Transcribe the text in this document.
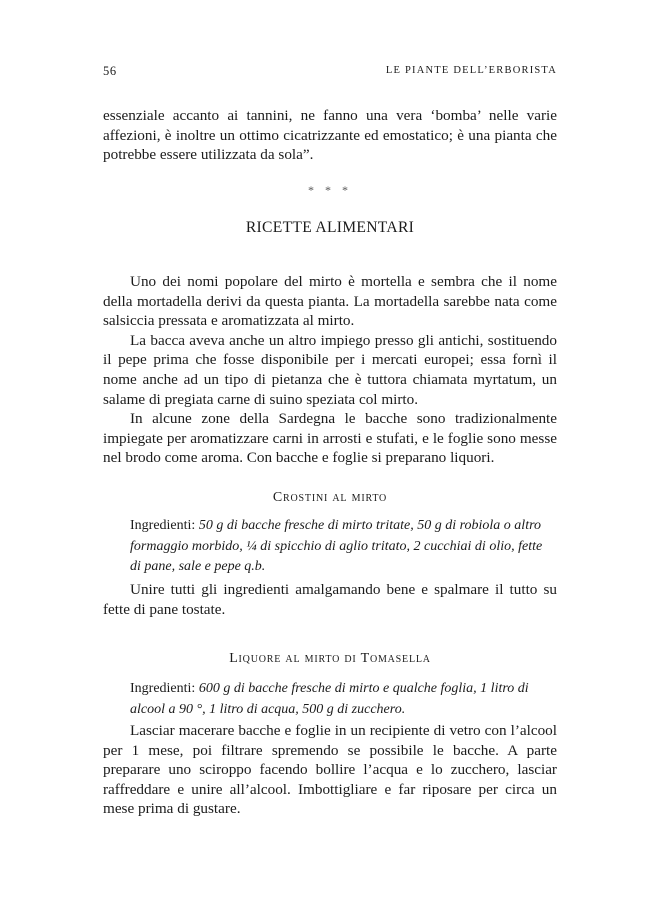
56	LE PIANTE DELL’ERBORISTA

essenziale accanto ai tannini, ne fanno una vera ‘bomba’ nelle varie affezioni, è inoltre un ottimo cicatrizzante ed emostatico; è una pianta che potrebbe essere utilizzata da sola”.

* * *
RICETTE ALIMENTARI

Uno dei nomi popolare del mirto è mortella e sembra che il nome della mortadella derivi da questa pianta. La mortadella sarebbe nata come salsiccia pressata e aromatizzata al mirto.

La bacca aveva anche un altro impiego presso gli antichi, sostituendo il pepe prima che fosse disponibile per i mercati europei; essa fornì il nome anche ad un tipo di pietanza che è tuttora chiamata myrtatum, un salame di pregiata carne di suino speziata col mirto.

In alcune zone della Sardegna le bacche sono tradizionalmente impiegate per aromatizzare carni in arrosti e stufati, e le foglie sono messe nel brodo come aroma. Con bacche e foglie si preparano liquori.

Crostini al mirto
Ingredienti: 50 g di bacche fresche di mirto tritate, 50 g di robiola o altro formaggio morbido, ¼ di spicchio di aglio tritato, 2 cucchiai di olio, fette di pane, sale e pepe q.b.

Unire tutti gli ingredienti amalgamando bene e spalmare il tutto su fette di pane tostate.

Liquore al mirto di Tomasella
Ingredienti: 600 g di bacche fresche di mirto e qualche foglia, 1 litro di alcool a 90 °, 1 litro di acqua, 500 g di zucchero.

Lasciar macerare bacche e foglie in un recipiente di vetro con l’alcool per 1 mese, poi filtrare spremendo se possibile le bacche. A parte preparare uno sciroppo facendo bollire l’acqua e lo zucchero, lasciar raffreddare e unire all’alcool. Imbottigliare e far riposare per circa un mese prima di gustare.
